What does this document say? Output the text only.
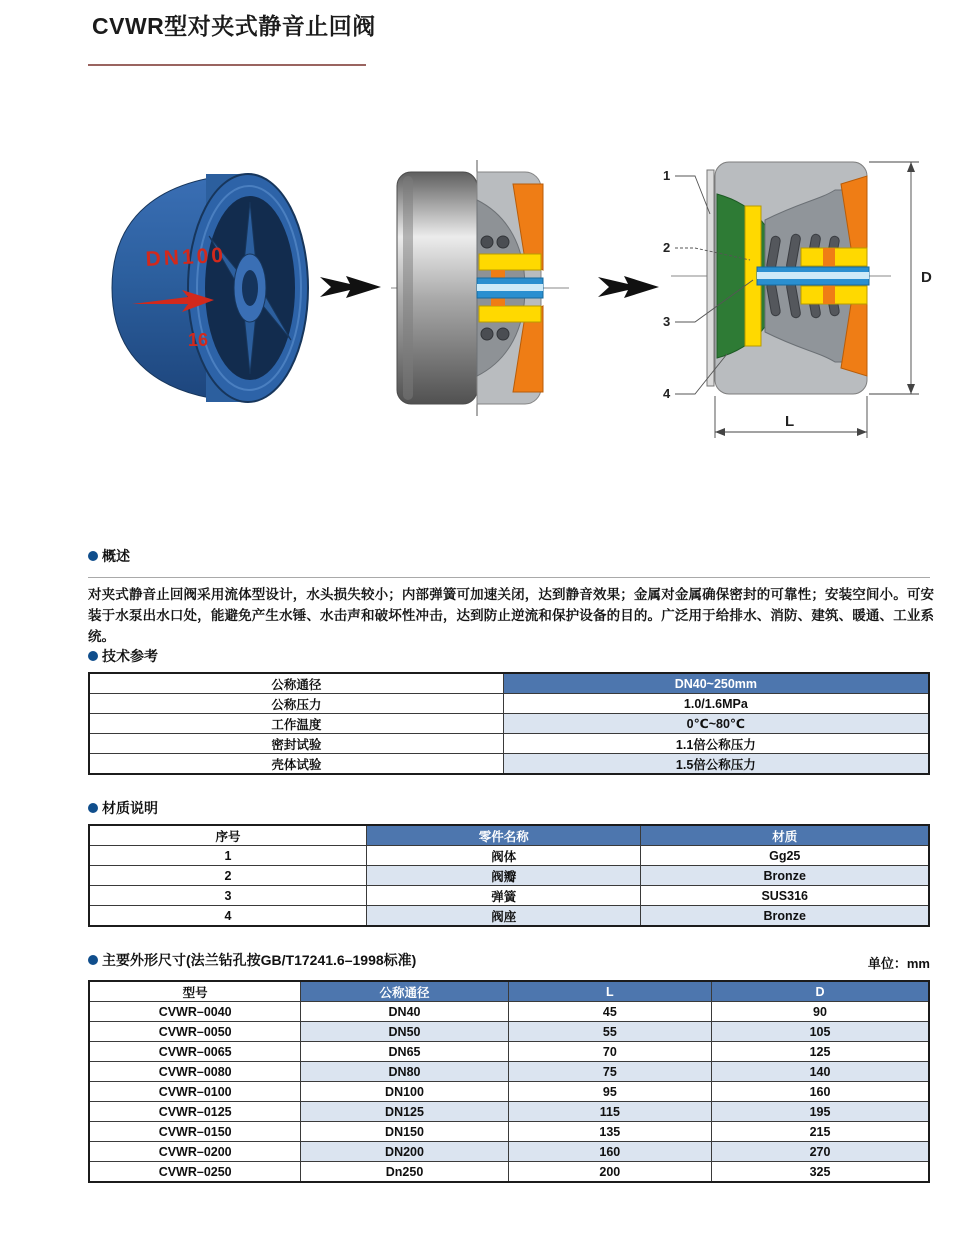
CVWR型对夹式静音止回阀
DN100
16
1
2
3
4
D
L
概述
对夹式静音止回阀采用流体型设计，水头损失较小；内部弹簧可加速关闭，达到静音效果；金属对金属确保密封的可靠性；安装空间小。可安装于水泵出水口处，能避免产生水锤、水击声和破坏性冲击，达到防止逆流和保护设备的目的。广泛用于给排水、消防、建筑、暖通、工业系统。
技术参考
公称通径	DN40~250mm
公称压力	1.0/1.6MPa
工作温度	0℃~80℃
密封试验	1.1倍公称压力
壳体试验	1.5倍公称压力
材质说明
序号	零件名称	材质
1	阀体	Gg25
2	阀瓣	Bronze
3	弹簧	SUS316
4	阀座	Bronze
主要外形尺寸(法兰钻孔按GB/T17241.6–1998标准)	单位：mm
型号	公称通径	L	D
CVWR–0040	DN40	45	90
CVWR–0050	DN50	55	105
CVWR–0065	DN65	70	125
CVWR–0080	DN80	75	140
CVWR–0100	DN100	95	160
CVWR–0125	DN125	115	195
CVWR–0150	DN150	135	215
CVWR–0200	DN200	160	270
CVWR–0250	Dn250	200	325
